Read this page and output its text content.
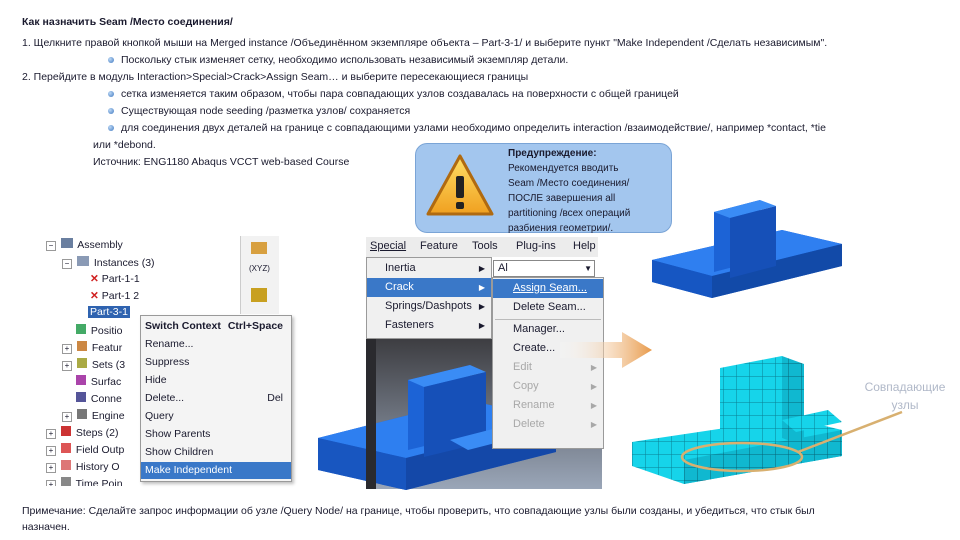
Как назначить Seam /Место соединения/
1. Щелкните правой кнопкой мыши на Merged instance /Объединённом экземпляре объекта – Part-3-1/ и выберите пункт "Make Independent /Сделать независимым".
Поскольку стык изменяет сетку, необходимо использовать независимый экземпляр детали.
2. Перейдите в модуль Interaction>Special>Crack>Assign Seam… и выберите пересекающиеся границы
сетка изменяется таким образом, чтобы пара совпадающих узлов создавалась на поверхности с общей границей
Существующая node seeding /разметка узлов/ сохраняется
для соединения двух деталей на границе с совпадающими узлами необходимо определить interaction /взаимодействие/, например *contact, *tie
или *debond.
Источник: ENG1180 Abaqus VCCT web-based Course
Предупреждение:
Рекомендуется вводить
Seam /Место соединения/
ПОСЛЕ завершения all
partitioning /всех операций
разбиения геометрии/.
− Assembly
− Instances (3)
✕ Part-1-1
✕ Part-1 2
Part-3-1
Positio
+ Featur
+ Sets (3
Surfac
Conne
+ Engine
+ Steps (2)
+ Field Outp
+ History O
+ Time Poin
(XYZ)
Switch Context Ctrl+Space
Rename...
Suppress
Hide
Delete...	Del
Query
Show Parents
Show Children
Make Independent
Special Feature Tools Plug-ins Help
Inertia	▶
Crack	▶
Springs/Dashpots ▶
Fasteners	▶
Al	▼
Assign Seam...
Delete Seam...
Manager...
Create...
Edit	▶
Copy	▶
Rename	▶
Delete	▶
Совпадающие
узлы
Примечание: Сделайте запрос информации об узле /Query Node/ на границе, чтобы проверить, что совпадающие узлы были созданы, и убедиться, что стык был
назначен.
